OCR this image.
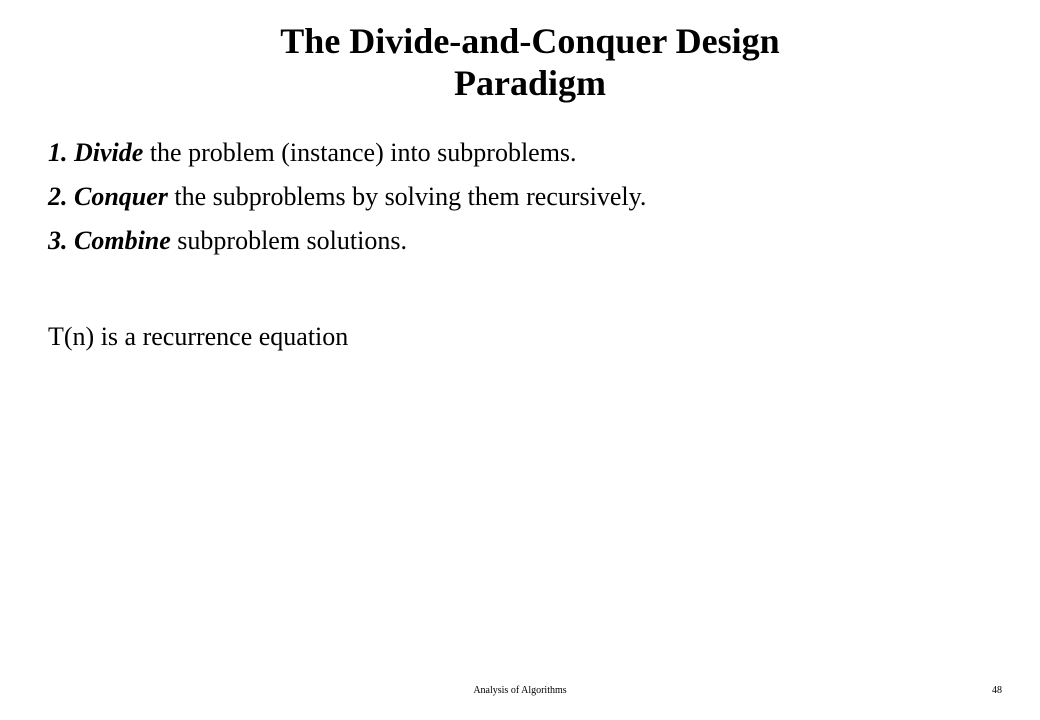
The Divide-and-Conquer Design
Paradigm
1. Divide the problem (instance) into subproblems.
2. Conquer the subproblems by solving them recursively.
3. Combine subproblem solutions.

T(n) is a recurrence equation

Analysis of Algorithms	48
